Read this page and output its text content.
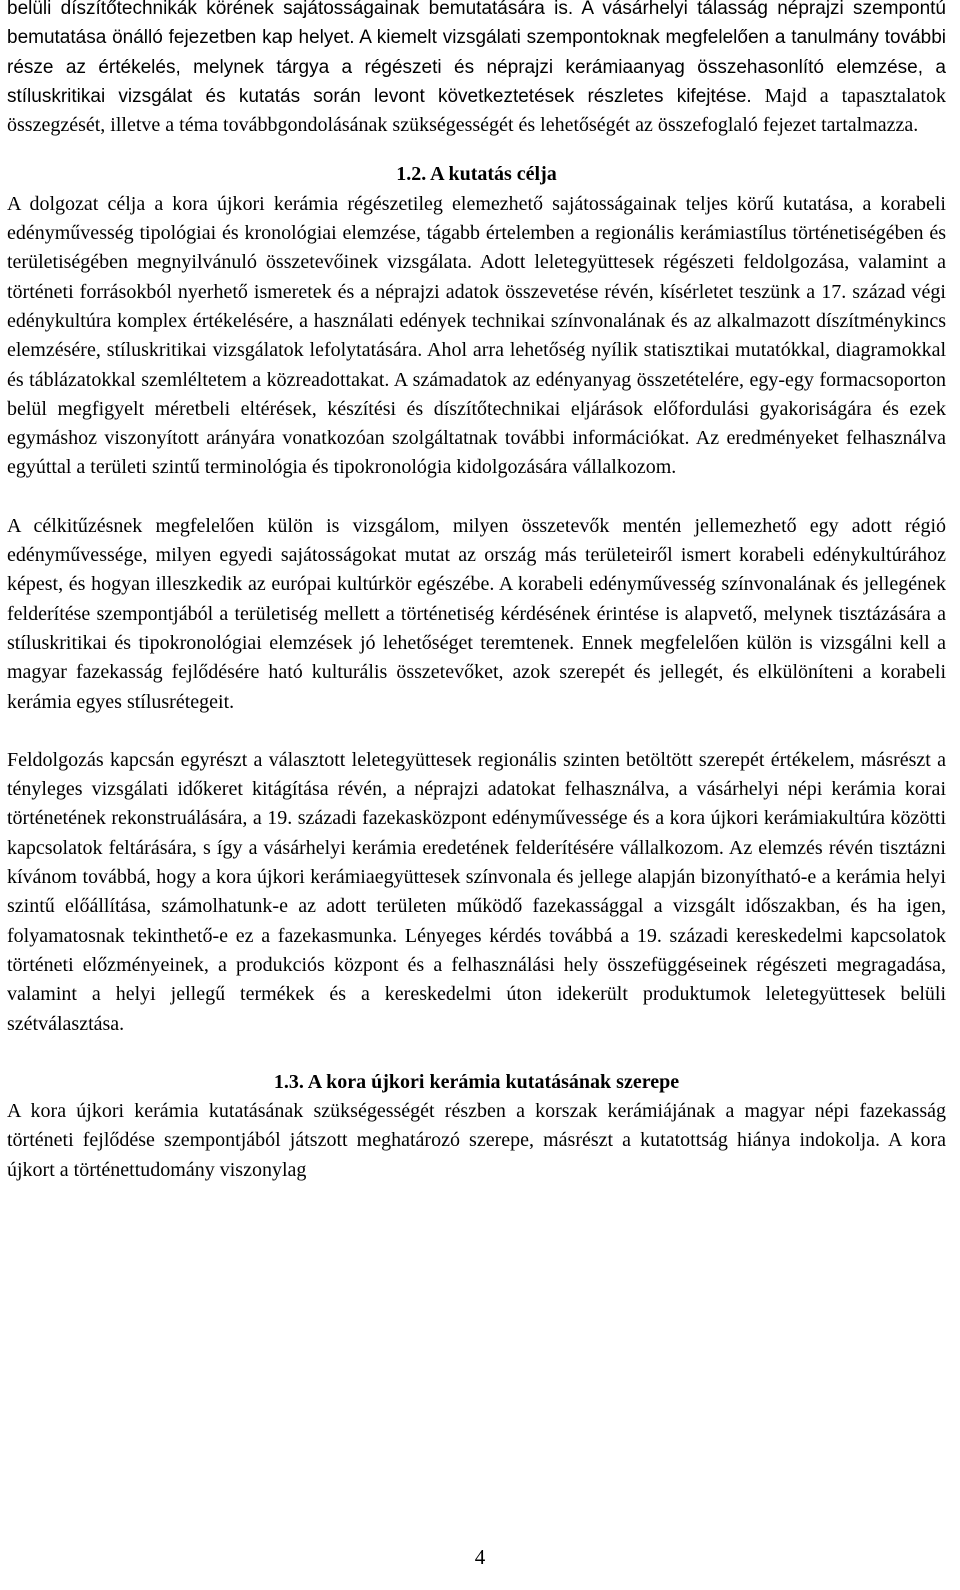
belüli díszítőtechnikák körének sajátosságainak bemutatására is. A vásárhelyi tálasság néprajzi szempontú bemutatása önálló fejezetben kap helyet. A kiemelt vizsgálati szempontoknak megfelelően a tanulmány további része az értékelés, melynek tárgya a régészeti és néprajzi kerámiaanyag összehasonlító elemzése, a stíluskritikai vizsgálat és kutatás során levont következtetések részletes kifejtése. Majd a tapasztalatok összegzését, illetve a téma továbbgondolásának szükségességét és lehetőségét az összefoglaló fejezet tartalmazza.

1.2. A kutatás célja

A dolgozat célja a kora újkori kerámia régészetileg elemezhető sajátosságainak teljes körű kutatása, a korabeli edényművesség tipológiai és kronológiai elemzése, tágabb értelemben a regionális kerámiastílus történetiségében és területiségében megnyilvánuló összetevőinek vizsgálata. Adott leletegyüttesek régészeti feldolgozása, valamint a történeti forrásokból nyerhető ismeretek és a néprajzi adatok összevetése révén, kísérletet teszünk a 17. század végi edénykultúra komplex értékelésére, a használati edények technikai színvonalának és az alkalmazott díszítménykincs elemzésére, stíluskritikai vizsgálatok lefolytatására. Ahol arra lehetőség nyílik statisztikai mutatókkal, diagramokkal és táblázatokkal szemléltetem a közreadottakat. A számadatok az edényanyag összetételére, egy-egy formacsoporton belül megfigyelt méretbeli eltérések, készítési és díszítőtechnikai eljárások előfordulási gyakoriságára és ezek egymáshoz viszonyított arányára vonatkozóan szolgáltatnak további információkat. Az eredményeket felhasználva egyúttal a területi szintű terminológia és tipokronológia kidolgozására vállalkozom.

A célkitűzésnek megfelelően külön is vizsgálom, milyen összetevők mentén jellemezhető egy adott régió edényművessége, milyen egyedi sajátosságokat mutat az ország más területeiről ismert korabeli edénykultúrához képest, és hogyan illeszkedik az európai kultúrkör egészébe. A korabeli edényművesség színvonalának és jellegének felderítése szempontjából a területiség mellett a történetiség kérdésének érintése is alapvető, melynek tisztázására a stíluskritikai és tipokronológiai elemzések jó lehetőséget teremtenek. Ennek megfelelően külön is vizsgálni kell a magyar fazekasság fejlődésére ható kulturális összetevőket, azok szerepét és jellegét, és elkülöníteni a korabeli kerámia egyes stílusrétegeit.

Feldolgozás kapcsán egyrészt a választott leletegyüttesek regionális szinten betöltött szerepét értékelem, másrészt a tényleges vizsgálati időkeret kitágítása révén, a néprajzi adatokat felhasználva, a vásárhelyi népi kerámia korai történetének rekonstruálására, a 19. századi fazekasközpont edényművessége és a kora újkori kerámiakultúra közötti kapcsolatok feltárására, s így a vásárhelyi kerámia eredetének felderítésére vállalkozom. Az elemzés révén tisztázni kívánom továbbá, hogy a kora újkori kerámiaegyüttesek színvonala és jellege alapján bizonyítható-e a kerámia helyi szintű előállítása, számolhatunk-e az adott területen működő fazekassággal a vizsgált időszakban, és ha igen, folyamatosnak tekinthető-e ez a fazekasmunka. Lényeges kérdés továbbá a 19. századi kereskedelmi kapcsolatok történeti előzményeinek, a produkciós központ és a felhasználási hely összefüggéseinek régészeti megragadása, valamint a helyi jellegű termékek és a kereskedelmi úton idekerült produktumok leletegyüttesek belüli szétválasztása.

1.3. A kora újkori kerámia kutatásának szerepe

A kora újkori kerámia kutatásának szükségességét részben a korszak kerámiájának a magyar népi fazekasság történeti fejlődése szempontjából játszott meghatározó szerepe, másrészt a kutatottság hiánya indokolja. A kora újkort a történettudomány viszonylag

4
